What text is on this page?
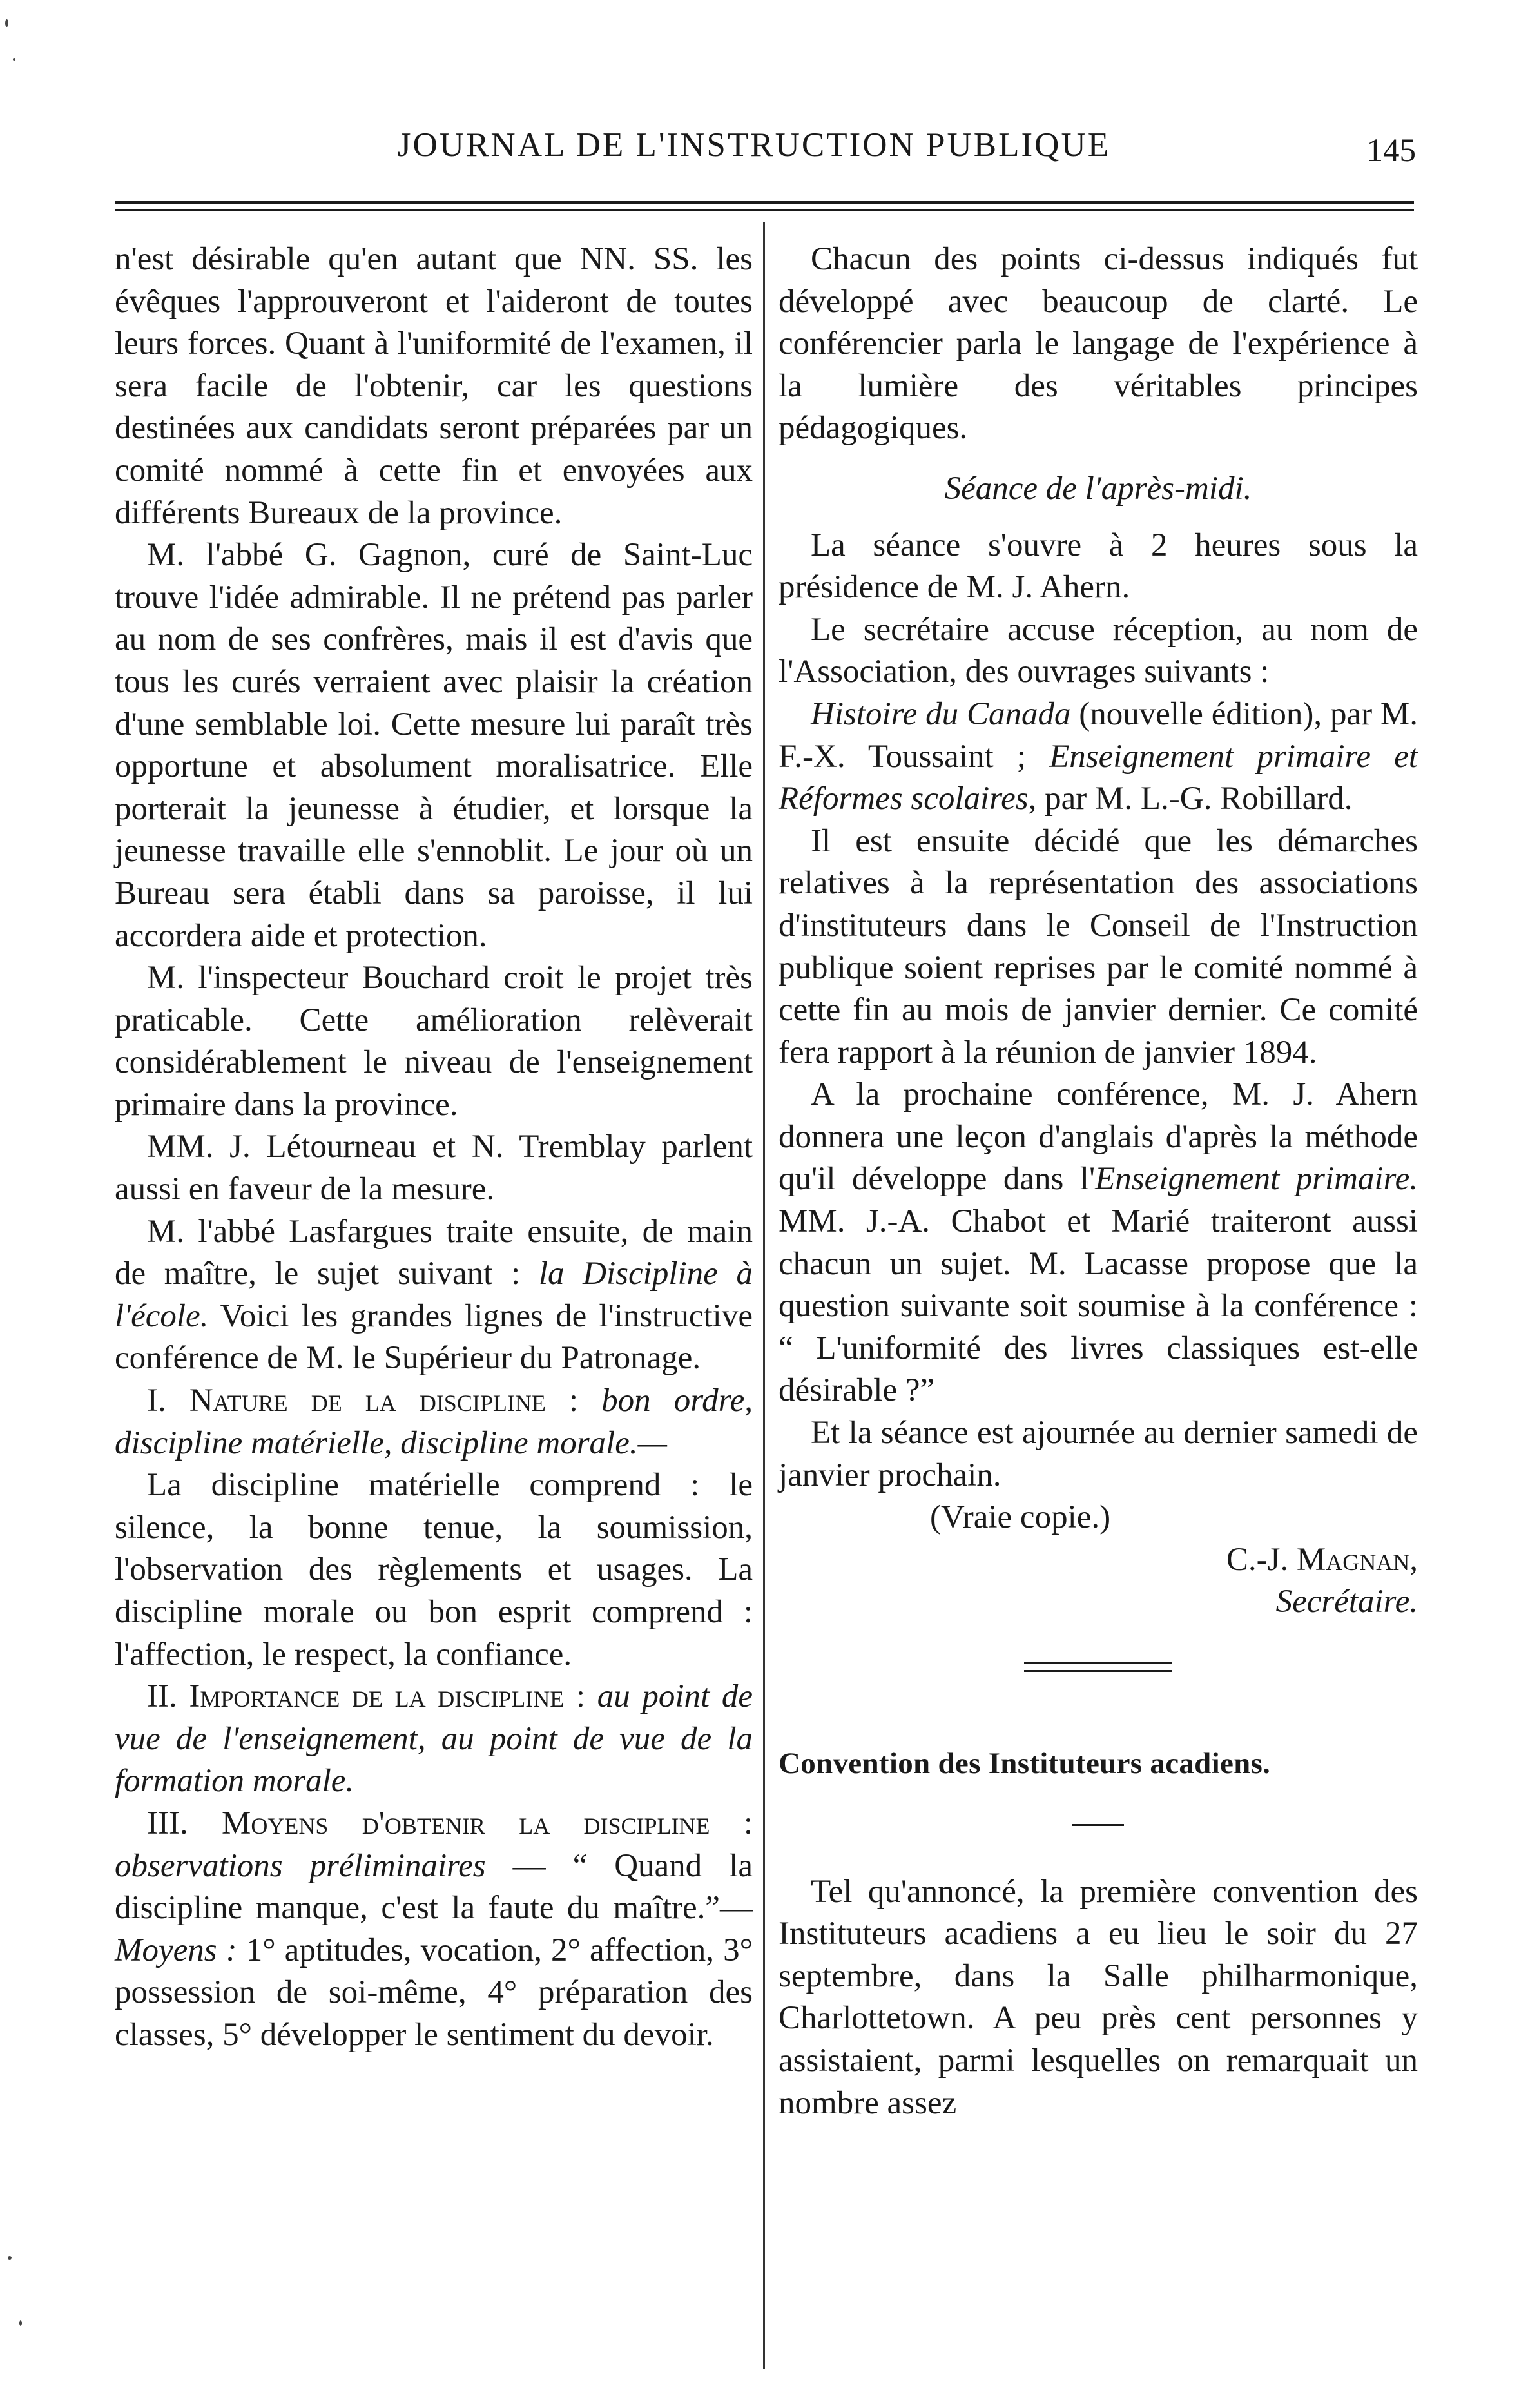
JOURNAL DE L'INSTRUCTION PUBLIQUE	145

n'est désirable qu'en autant que NN. SS. les évêques l'approuveront et l'aideront de toutes leurs forces. Quant à l'uniformité de l'examen, il sera facile de l'obtenir, car les questions destinées aux candidats seront préparées par un comité nommé à cette fin et envoyées aux différents Bureaux de la province.

M. l'abbé G. Gagnon, curé de Saint-Luc trouve l'idée admirable. Il ne prétend pas parler au nom de ses confrères, mais il est d'avis que tous les curés verraient avec plaisir la création d'une semblable loi. Cette mesure lui paraît très opportune et absolument moralisatrice. Elle porterait la jeunesse à étudier, et lorsque la jeunesse travaille elle s'ennoblit. Le jour où un Bureau sera établi dans sa paroisse, il lui accordera aide et protection.

M. l'inspecteur Bouchard croit le projet très praticable. Cette amélioration relèverait considérablement le niveau de l'enseignement primaire dans la province.

MM. J. Létourneau et N. Tremblay parlent aussi en faveur de la mesure.

M. l'abbé Lasfargues traite ensuite, de main de maître, le sujet suivant : la Discipline à l'école. Voici les grandes lignes de l'instructive conférence de M. le Supérieur du Patronage.

I. Nature de la discipline : bon ordre, discipline matérielle, discipline morale.—

La discipline matérielle comprend : le silence, la bonne tenue, la soumission, l'observation des règlements et usages. La discipline morale ou bon esprit comprend : l'affection, le respect, la confiance.

II. Importance de la discipline : au point de vue de l'enseignement, au point de vue de la formation morale.

III. Moyens d'obtenir la discipline : observations préliminaires — “ Quand la discipline manque, c'est la faute du maître.”—Moyens : 1° aptitudes, vocation, 2° affection, 3° possession de soi-même, 4° préparation des classes, 5° développer le sentiment du devoir.

Chacun des points ci-dessus indiqués fut développé avec beaucoup de clarté. Le conférencier parla le langage de l'expérience à la lumière des véritables principes pédagogiques.

Séance de l'après-midi.

La séance s'ouvre à 2 heures sous la présidence de M. J. Ahern.

Le secrétaire accuse réception, au nom de l'Association, des ouvrages suivants :

Histoire du Canada (nouvelle édition), par M. F.-X. Toussaint ; Enseignement primaire et Réformes scolaires, par M. L.-G. Robillard.

Il est ensuite décidé que les démarches relatives à la représentation des associations d'instituteurs dans le Conseil de l'Instruction publique soient reprises par le comité nommé à cette fin au mois de janvier dernier. Ce comité fera rapport à la réunion de janvier 1894.

A la prochaine conférence, M. J. Ahern donnera une leçon d'anglais d'après la méthode qu'il développe dans l'Enseignement primaire. MM. J.-A. Chabot et Marié traiteront aussi chacun un sujet. M. Lacasse propose que la question suivante soit soumise à la conférence : “ L'uniformité des livres classiques est-elle désirable ?”

Et la séance est ajournée au dernier samedi de janvier prochain.

(Vraie copie.)

C.-J. Magnan,

Secrétaire.

Convention des Instituteurs acadiens.

Tel qu'annoncé, la première convention des Instituteurs acadiens a eu lieu le soir du 27 septembre, dans la Salle philharmonique, Charlottetown. A peu près cent personnes y assistaient, parmi lesquelles on remarquait un nombre assez
